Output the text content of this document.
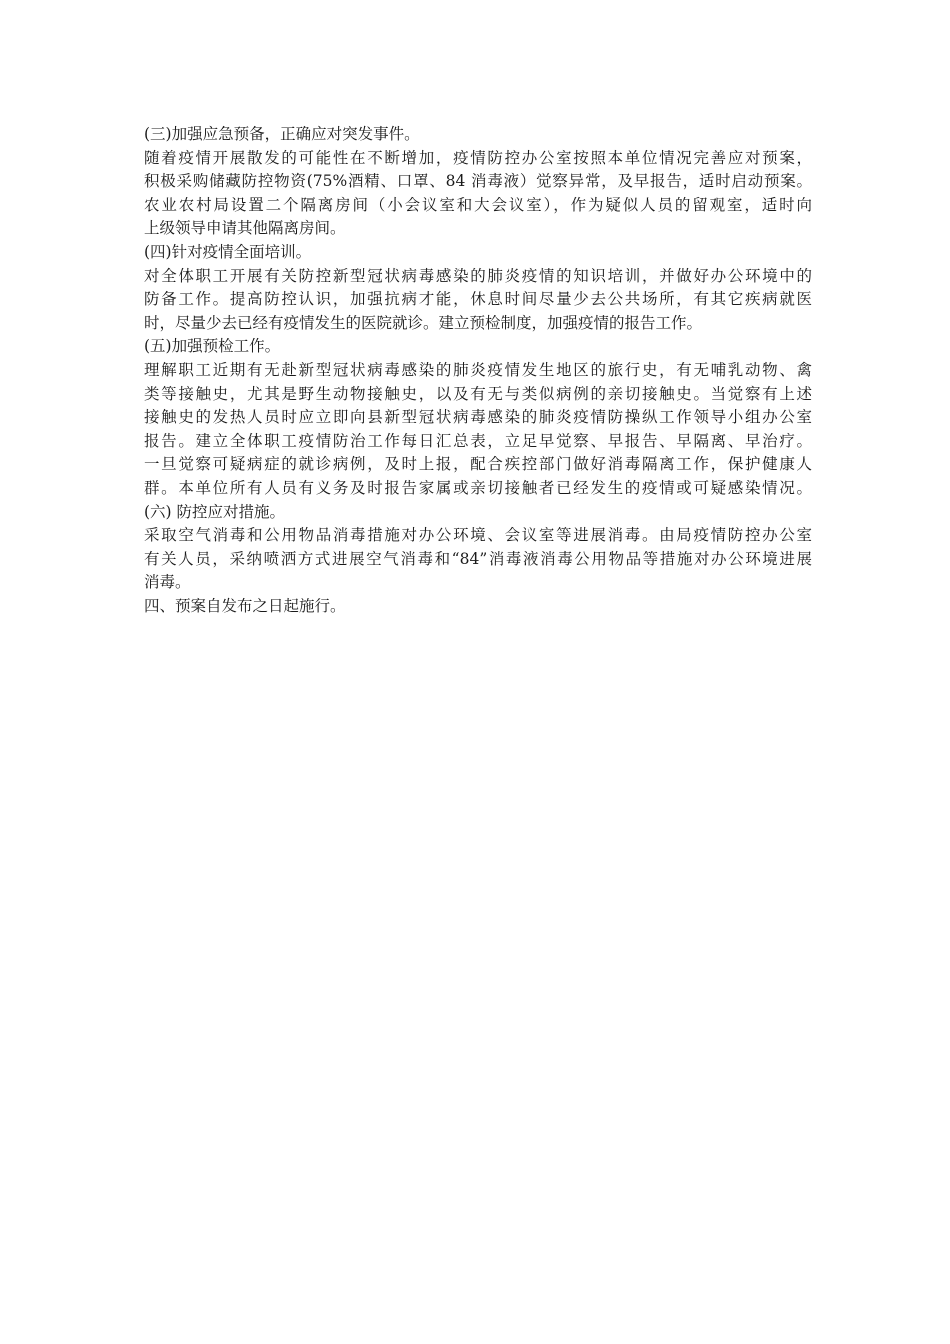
(三)加强应急预备，正确应对突发事件。
随着疫情开展散发的可能性在不断增加，疫情防控办公室按照本单位情况完善应对预案，
积极采购储藏防控物资(75%酒精、口罩、84 消毒液）觉察异常，及早报告，适时启动预案。
农业农村局设置二个隔离房间（小会议室和大会议室），作为疑似人员的留观室，适时向
上级领导申请其他隔离房间。
(四)针对疫情全面培训。
对全体职工开展有关防控新型冠状病毒感染的肺炎疫情的知识培训，并做好办公环境中的
防备工作。提高防控认识，加强抗病才能，休息时间尽量少去公共场所，有其它疾病就医
时，尽量少去已经有疫情发生的医院就诊。建立预检制度，加强疫情的报告工作。
(五)加强预检工作。
理解职工近期有无赴新型冠状病毒感染的肺炎疫情发生地区的旅行史，有无哺乳动物、禽
类等接触史，尤其是野生动物接触史，以及有无与类似病例的亲切接触史。当觉察有上述
接触史的发热人员时应立即向县新型冠状病毒感染的肺炎疫情防操纵工作领导小组办公室
报告。建立全体职工疫情防治工作每日汇总表，立足早觉察、早报告、早隔离、早治疗。
一旦觉察可疑病症的就诊病例，及时上报，配合疾控部门做好消毒隔离工作，保护健康人
群。本单位所有人员有义务及时报告家属或亲切接触者已经发生的疫情或可疑感染情况。
(六) 防控应对措施。
采取空气消毒和公用物品消毒措施对办公环境、会议室等进展消毒。由局疫情防控办公室
有关人员，采纳喷洒方式进展空气消毒和“84”消毒液消毒公用物品等措施对办公环境进展
消毒。
四、预案自发布之日起施行。
